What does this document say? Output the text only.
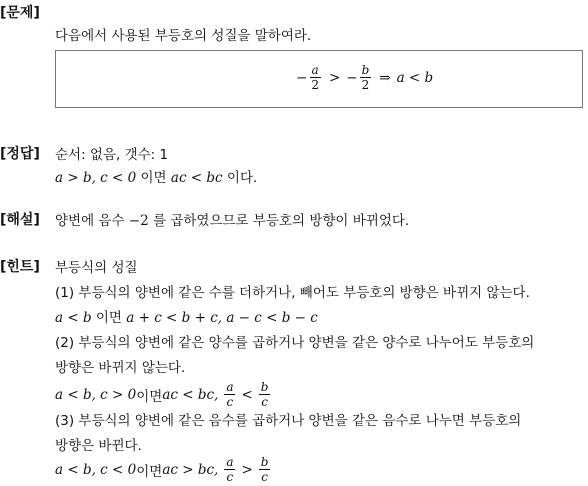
[문제]
다음에서 사용된 부등호의 성질을 말하여라.
− $\frac{a}{2}$ > − $\frac{b}{2}$ ⇒ a < b
[정답] 순서: 없음, 갯수: 1
a > b, c < 0 이면 ac < bc 이다.
[해설] 양변에 음수 −2 를 곱하였으므로 부등호의 방향이 바뀌었다.
[힌트] 부등식의 성질
(1) 부등식의 양변에 같은 수를 더하거나, 빼어도 부등호의 방향은 바뀌지 않는다.
a < b 이면 a + c < b + c, a − c < b − c
(2) 부등식의 양변에 같은 양수를 곱하거나 양변을 같은 양수로 나누어도 부등호의
방향은 바뀌지 않는다.
a < b, c > 0 이면 ac < bc, $\frac{a}{c} < \frac{b}{c}$
(3) 부등식의 양변에 같은 음수를 곱하거나 양변을 같은 음수로 나누면 부등호의
방향은 바뀐다.
a < b, c < 0 이면 ac > bc, $\frac{a}{c} > \frac{b}{c}$
